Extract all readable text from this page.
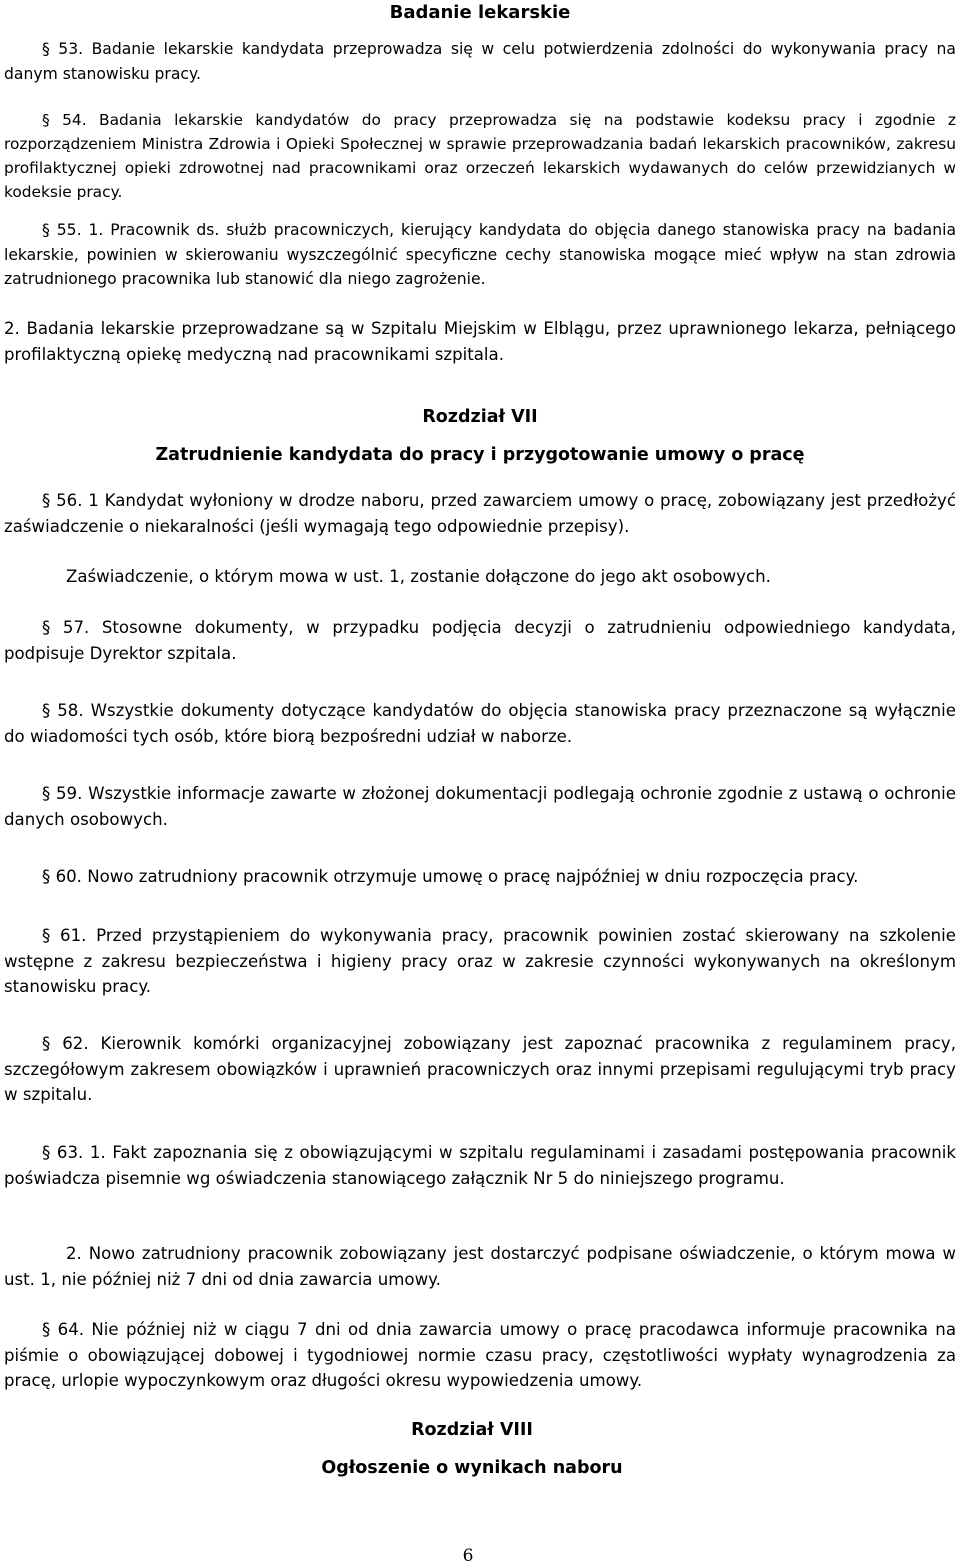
Badanie lekarskie

§ 53. Badanie lekarskie kandydata przeprowadza się w celu potwierdzenia zdolności do wykonywania pracy na danym stanowisku pracy.

§ 54. Badania lekarskie kandydatów do pracy przeprowadza się na podstawie kodeksu pracy i zgodnie z rozporządzeniem Ministra Zdrowia i Opieki Społecznej w sprawie przeprowadzania badań lekarskich pracowników, zakresu profilaktycznej opieki zdrowotnej nad pracownikami oraz orzeczeń lekarskich wydawanych do celów przewidzianych w kodeksie pracy.

§ 55. 1. Pracownik ds. służb pracowniczych, kierujący kandydata do objęcia danego stanowiska pracy na badania lekarskie, powinien w skierowaniu wyszczególnić specyficzne cechy stanowiska mogące mieć wpływ na stan zdrowia zatrudnionego pracownika lub stanowić dla niego zagrożenie.

2. Badania lekarskie przeprowadzane są w Szpitalu Miejskim w Elblągu, przez uprawnionego lekarza, pełniącego profilaktyczną opiekę medyczną nad pracownikami szpitala.

Rozdział VII
Zatrudnienie kandydata do pracy i przygotowanie umowy o pracę

§ 56. 1 Kandydat wyłoniony w drodze naboru, przed zawarciem umowy o pracę, zobowiązany jest przedłożyć zaświadczenie o niekaralności (jeśli wymagają tego odpowiednie przepisy).

Zaświadczenie, o którym mowa w ust. 1, zostanie dołączone do jego akt osobowych.

§ 57. Stosowne dokumenty, w przypadku podjęcia decyzji o zatrudnieniu odpowiedniego kandydata, podpisuje Dyrektor szpitala.

§ 58. Wszystkie dokumenty dotyczące kandydatów do objęcia stanowiska pracy przeznaczone są wyłącznie do wiadomości tych osób, które biorą bezpośredni udział w naborze.

§ 59. Wszystkie informacje zawarte w złożonej dokumentacji podlegają ochronie zgodnie z ustawą o ochronie danych osobowych.

§ 60. Nowo zatrudniony pracownik otrzymuje umowę o pracę najpóźniej w dniu rozpoczęcia pracy.

§ 61. Przed przystąpieniem do wykonywania pracy, pracownik powinien zostać skierowany na szkolenie wstępne z zakresu bezpieczeństwa i higieny pracy oraz w zakresie czynności wykonywanych na określonym stanowisku pracy.

§ 62. Kierownik komórki organizacyjnej zobowiązany jest zapoznać pracownika z regulaminem pracy, szczegółowym zakresem obowiązków i uprawnień pracowniczych oraz innymi przepisami regulującymi tryb pracy w szpitalu.

§ 63. 1. Fakt zapoznania się z obowiązującymi w szpitalu regulaminami i zasadami postępowania pracownik poświadcza pisemnie wg oświadczenia stanowiącego załącznik Nr 5 do niniejszego programu.

2. Nowo zatrudniony pracownik zobowiązany jest dostarczyć podpisane oświadczenie, o którym mowa w ust. 1, nie później niż 7 dni od dnia zawarcia umowy.

§ 64. Nie później niż w ciągu 7 dni od dnia zawarcia umowy o pracę pracodawca informuje pracownika na piśmie o obowiązującej dobowej i tygodniowej normie czasu pracy, częstotliwości wypłaty wynagrodzenia za pracę, urlopie wypoczynkowym oraz długości okresu wypowiedzenia umowy.

Rozdział VIII
Ogłoszenie o wynikach naboru
6
